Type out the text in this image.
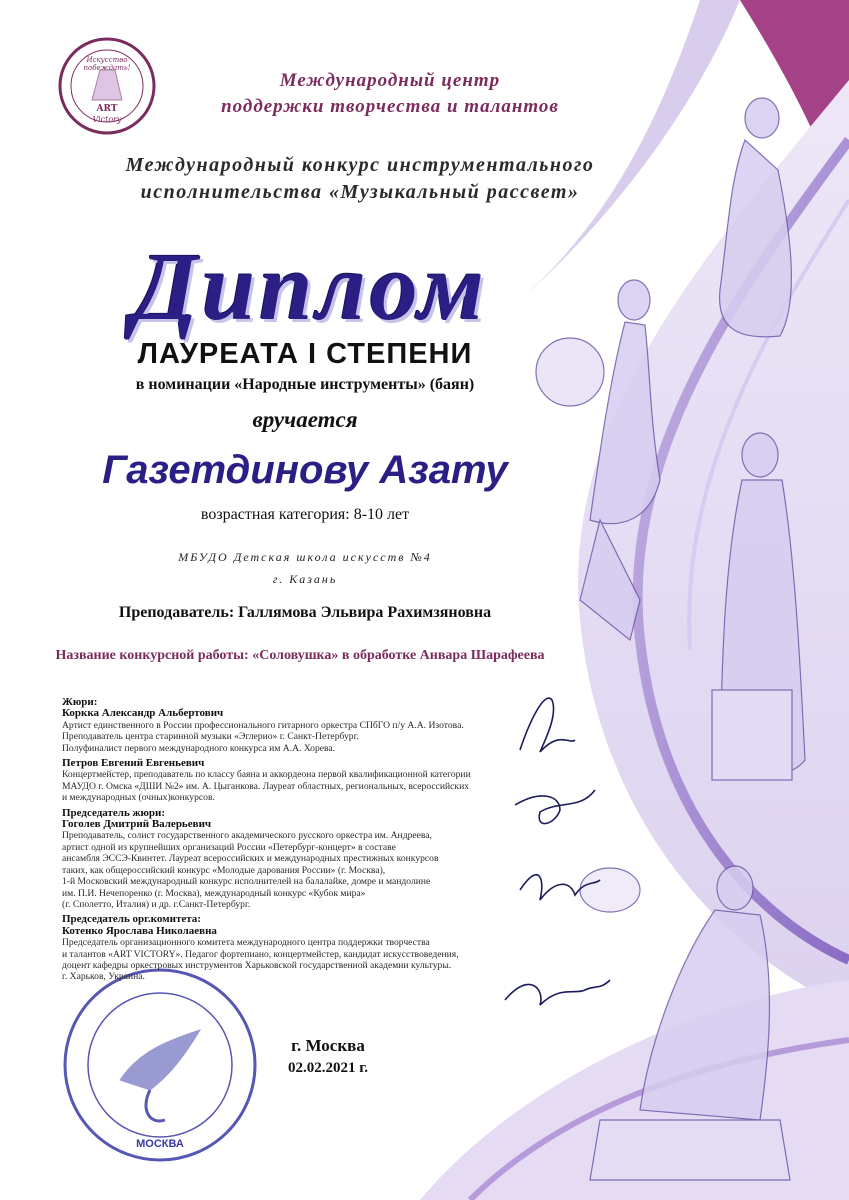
Искусство побеждать!
ART
Victory
Международный центр
поддержки творчества и талантов
Международный конкурс инструментального
исполнительства «Музыкальный рассвет»
Диплом
ЛАУРЕАТА I СТЕПЕНИ
в номинации «Народные инструменты» (баян)
вручается
Газетдинову Азату
возрастная категория: 8-10 лет
МБУДО Детская школа искусств №4
г. Казань
Преподаватель: Галлямова Эльвира Рахимзяновна
Название конкурсной работы: «Соловушка» в обработке Анвара Шарафеева
Жюри:
Коркка Александр Альбертович
Артист единственного в России профессионального гитарного оркестра СПбГО п/у А.А. Изотова.
Преподаватель центра старинной музыки «Эглерио» г. Санкт-Петербург.
Полуфиналист первого международного конкурса им А.А. Хорева.
Петров Евгений Евгеньевич
Концертмейстер, преподаватель по классу баяна и аккордеона первой квалификационной категории
МАУДО г. Омска «ДШИ №2» им. А. Цыганкова. Лауреат областных, региональных, всероссийских
и международных (очных)конкурсов.
Председатель жюри:
Гоголев Дмитрий Валерьевич
Преподаватель, солист государственного академического русского оркестра им. Андреева,
артист одной из крупнейших организаций России «Петербург-концерт» в составе
ансамбля ЭССЭ-Квинтет. Лауреат всероссийских и международных престижных конкурсов
таких, как общероссийский конкурс «Молодые дарования России» (г. Москва),
1-й Московский международный конкурс исполнителей на балалайке, домре и мандолине
им. П.И. Нечепоренко (г. Москва), международный конкурс «Кубок мира»
(г. Сполетто, Италия) и др. г.Санкт-Петербург.
Председатель орг.комитета:
Котенко Ярослава Николаевна
Председатель организационного комитета международного центра поддержки творчества
и талантов «ART VICTORY». Педагог фортепиано, концертмейстер, кандидат искусствоведения,
доцент кафедры оркестровых инструментов Харьковской государственной академии культуры.
г. Харьков, Украина.
МОСКВА
г. Москва
02.02.2021 г.
